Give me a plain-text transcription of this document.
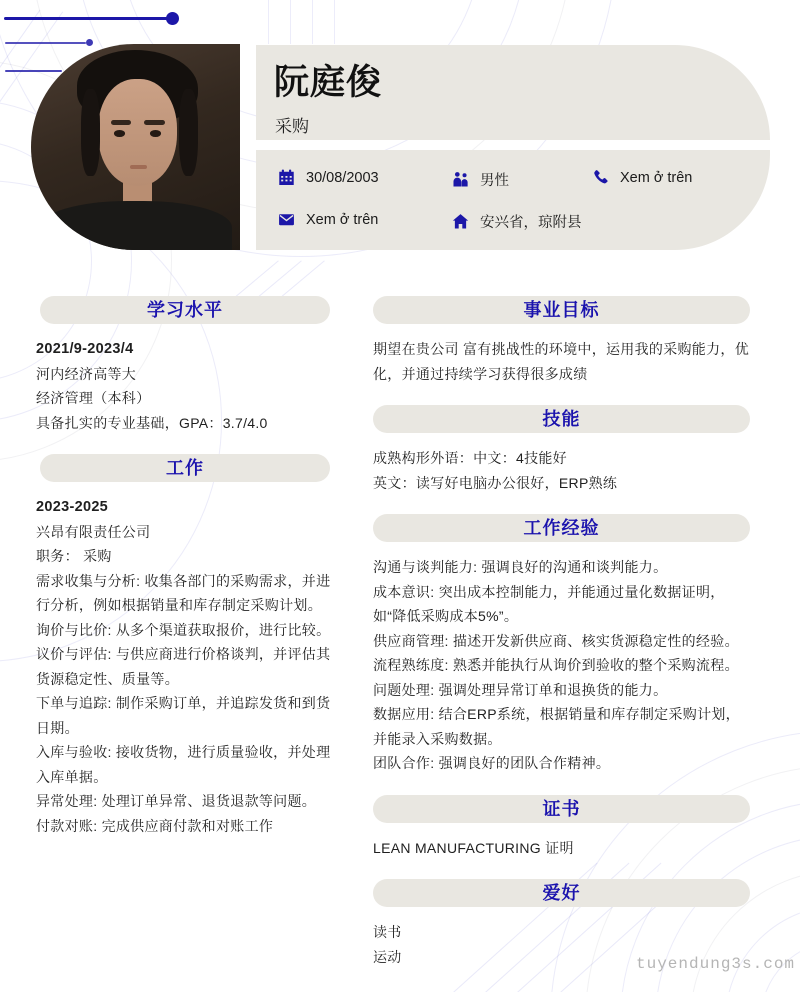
阮庭俊
采购
30/08/2003	男性	Xem ở trên
Xem ở trên	安兴省，琼附县
学习水平
2021/9-2023/4
河内经济高等大
经济管理（本科）
具备扎实的专业基础，GPA：3.7/4.0
工作
2023-2025
兴昂有限责任公司
职务： 采购
需求收集与分析: 收集各部门的采购需求，并进行分析，例如根据销量和库存制定采购计划。
询价与比价: 从多个渠道获取报价，进行比较。
议价与评估: 与供应商进行价格谈判，并评估其货源稳定性、质量等。
下单与追踪: 制作采购订单，并追踪发货和到货日期。
入库与验收: 接收货物，进行质量验收，并处理入库单据。
异常处理: 处理订单异常、退货退款等问题。
付款对账: 完成供应商付款和对账工作
事业目标
期望在贵公司 富有挑战性的环境中，运用我的采购能力，优化，并通过持续学习获得很多成绩
技能
成熟构形外语：中文：4技能好
英文：读写好电脑办公很好，ERP熟练
工作经验
沟通与谈判能力: 强调良好的沟通和谈判能力。
成本意识: 突出成本控制能力，并能通过量化数据证明，如“降低采购成本5%”。
供应商管理: 描述开发新供应商、核实货源稳定性的经验。
流程熟练度: 熟悉并能执行从询价到验收的整个采购流程。
问题处理: 强调处理异常订单和退换货的能力。
数据应用: 结合ERP系统，根据销量和库存制定采购计划，并能录入采购数据。
团队合作: 强调良好的团队合作精神。
证书
LEAN MANUFACTURING 证明
爱好
读书
运动	tuyendung3s.com
